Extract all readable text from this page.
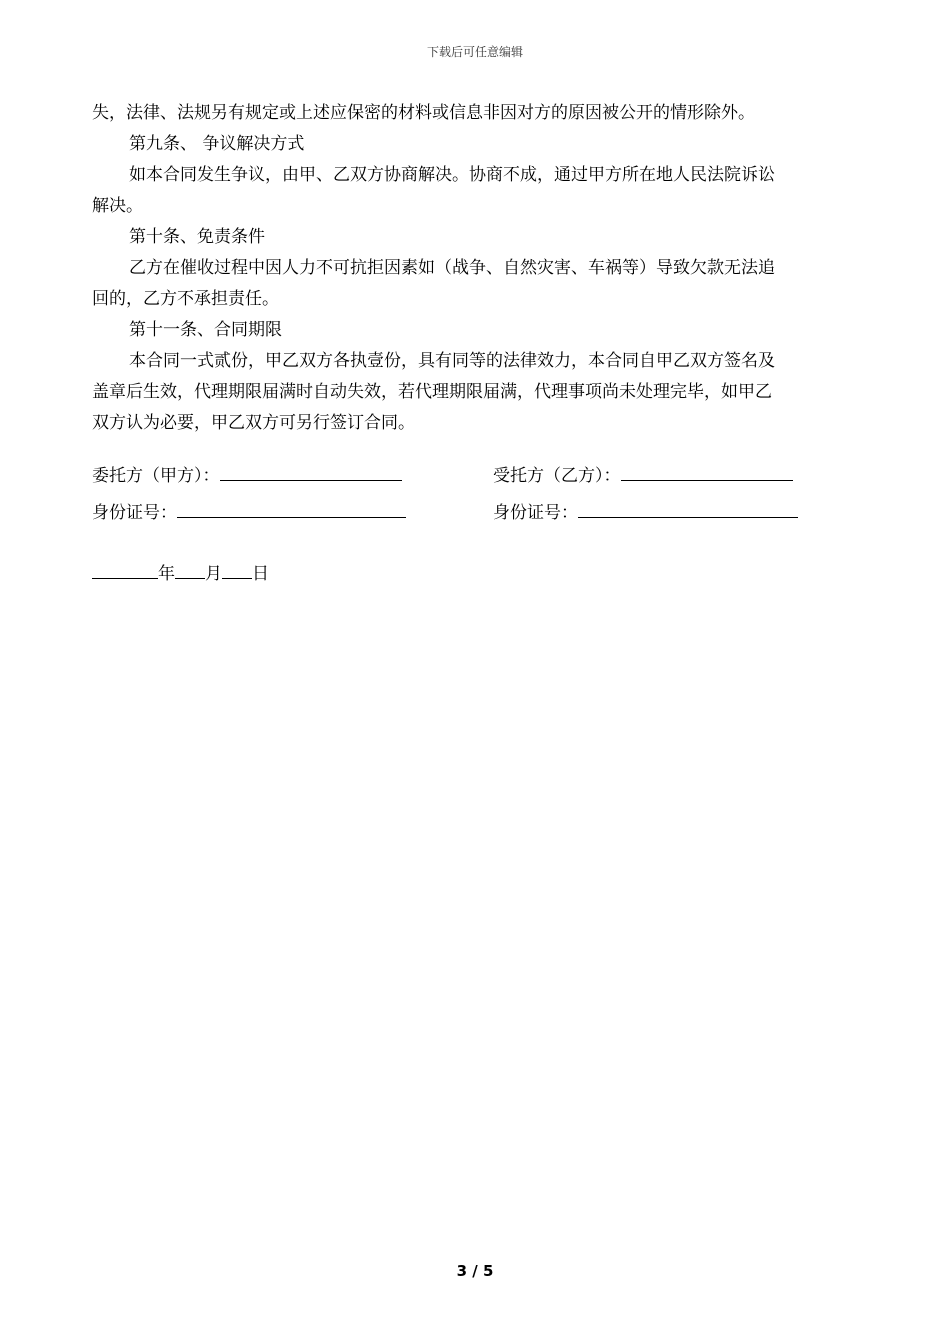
下载后可任意编辑

失，法律、法规另有规定或上述应保密的材料或信息非因对方的原因被公开的情形除外。

第九条、 争议解决方式

如本合同发生争议，由甲、乙双方协商解决。协商不成，通过甲方所在地人民法院诉讼

解决。

第十条、免责条件

乙方在催收过程中因人力不可抗拒因素如（战争、自然灾害、车祸等）导致欠款无法追

回的，乙方不承担责任。

第十一条、合同期限

本合同一式贰份，甲乙双方各执壹份，具有同等的法律效力，本合同自甲乙双方签名及

盖章后生效，代理期限届满时自动失效，若代理期限届满，代理事项尚未处理完毕，如甲乙

双方认为必要，甲乙双方可另行签订合同。

委托方（甲方）：	受托方（乙方）：
身份证号：	身份证号：
年 月 日
3 / 5
